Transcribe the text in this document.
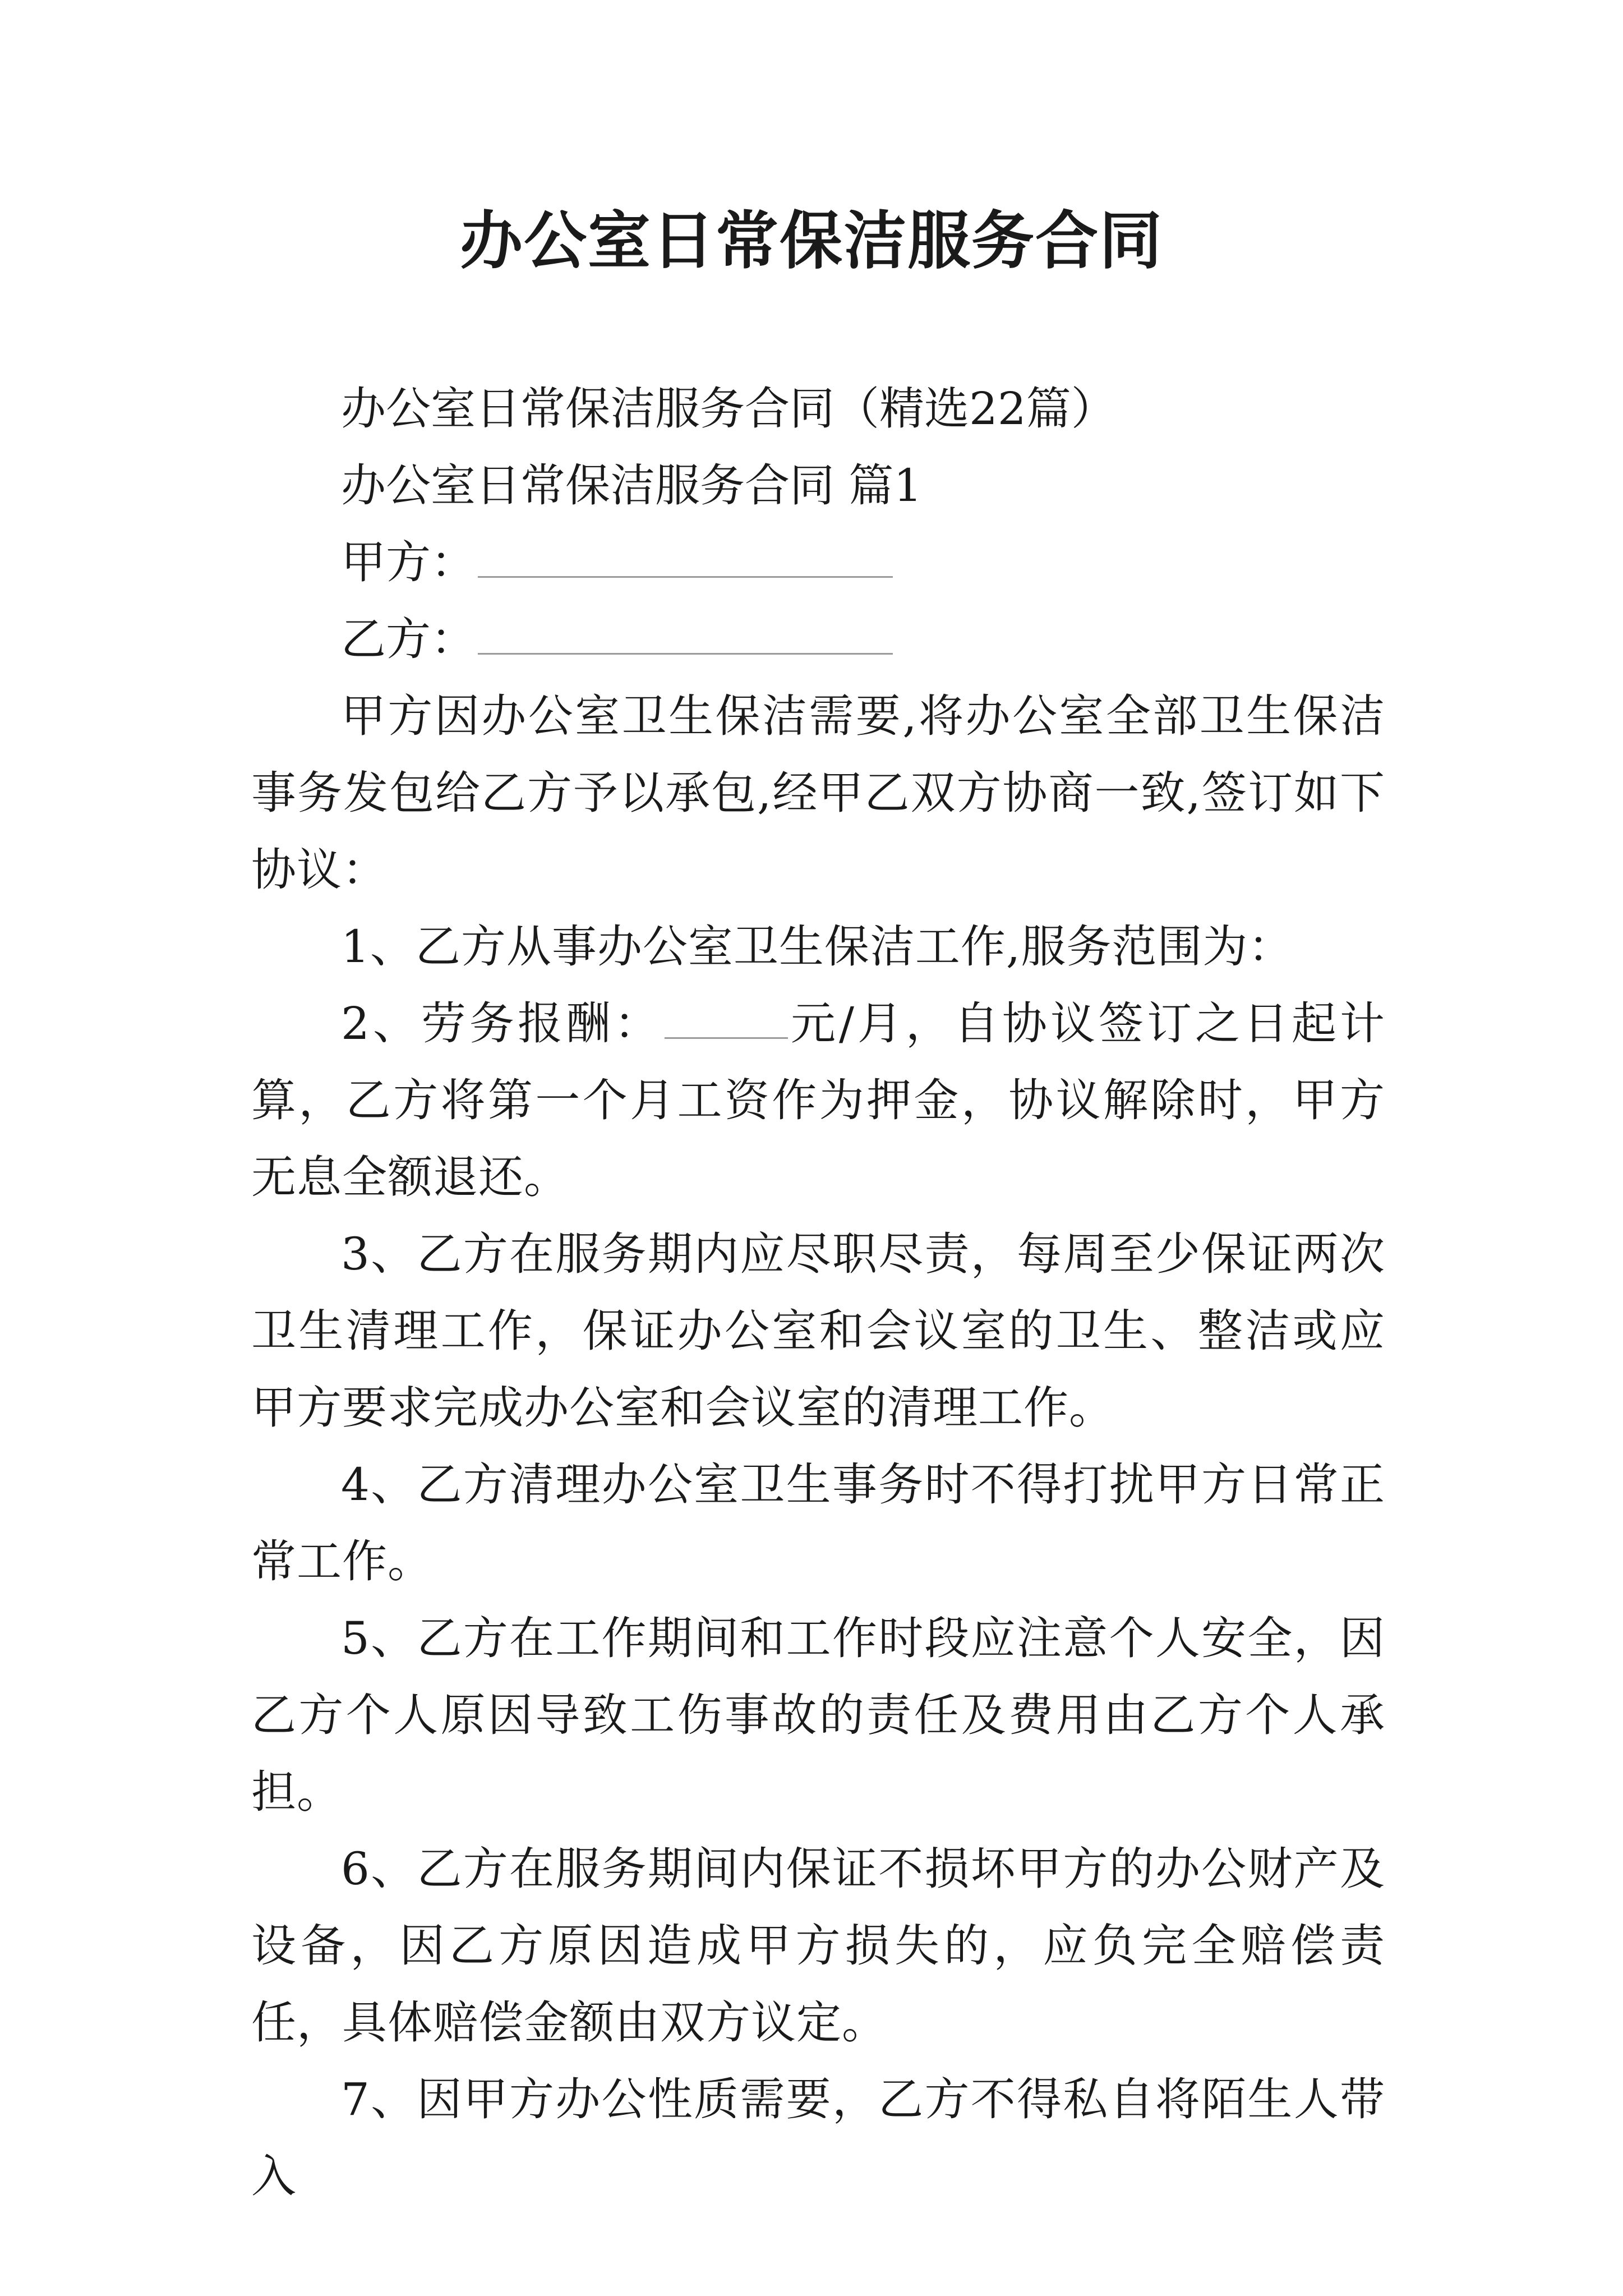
办公室日常保洁服务合同

办公室日常保洁服务合同（精选22篇）

办公室日常保洁服务合同 篇1

甲方：

乙方：

甲方因办公室卫生保洁需要,将办公室全部卫生保洁事务发包给乙方予以承包,经甲乙双方协商一致,签订如下协议：

1、乙方从事办公室卫生保洁工作,服务范围为：

2、劳务报酬：	元/月，自协议签订之日起计算，乙方将第一个月工资作为押金，协议解除时，甲方无息全额退还。

3、乙方在服务期内应尽职尽责，每周至少保证两次卫生清理工作，保证办公室和会议室的卫生、整洁或应甲方要求完成办公室和会议室的清理工作。

4、乙方清理办公室卫生事务时不得打扰甲方日常正常工作。

5、乙方在工作期间和工作时段应注意个人安全，因乙方个人原因导致工伤事故的责任及费用由乙方个人承担。

6、乙方在服务期间内保证不损坏甲方的办公财产及设备，因乙方原因造成甲方损失的，应负完全赔偿责任，具体赔偿金额由双方议定。

7、因甲方办公性质需要，乙方不得私自将陌生人带入
